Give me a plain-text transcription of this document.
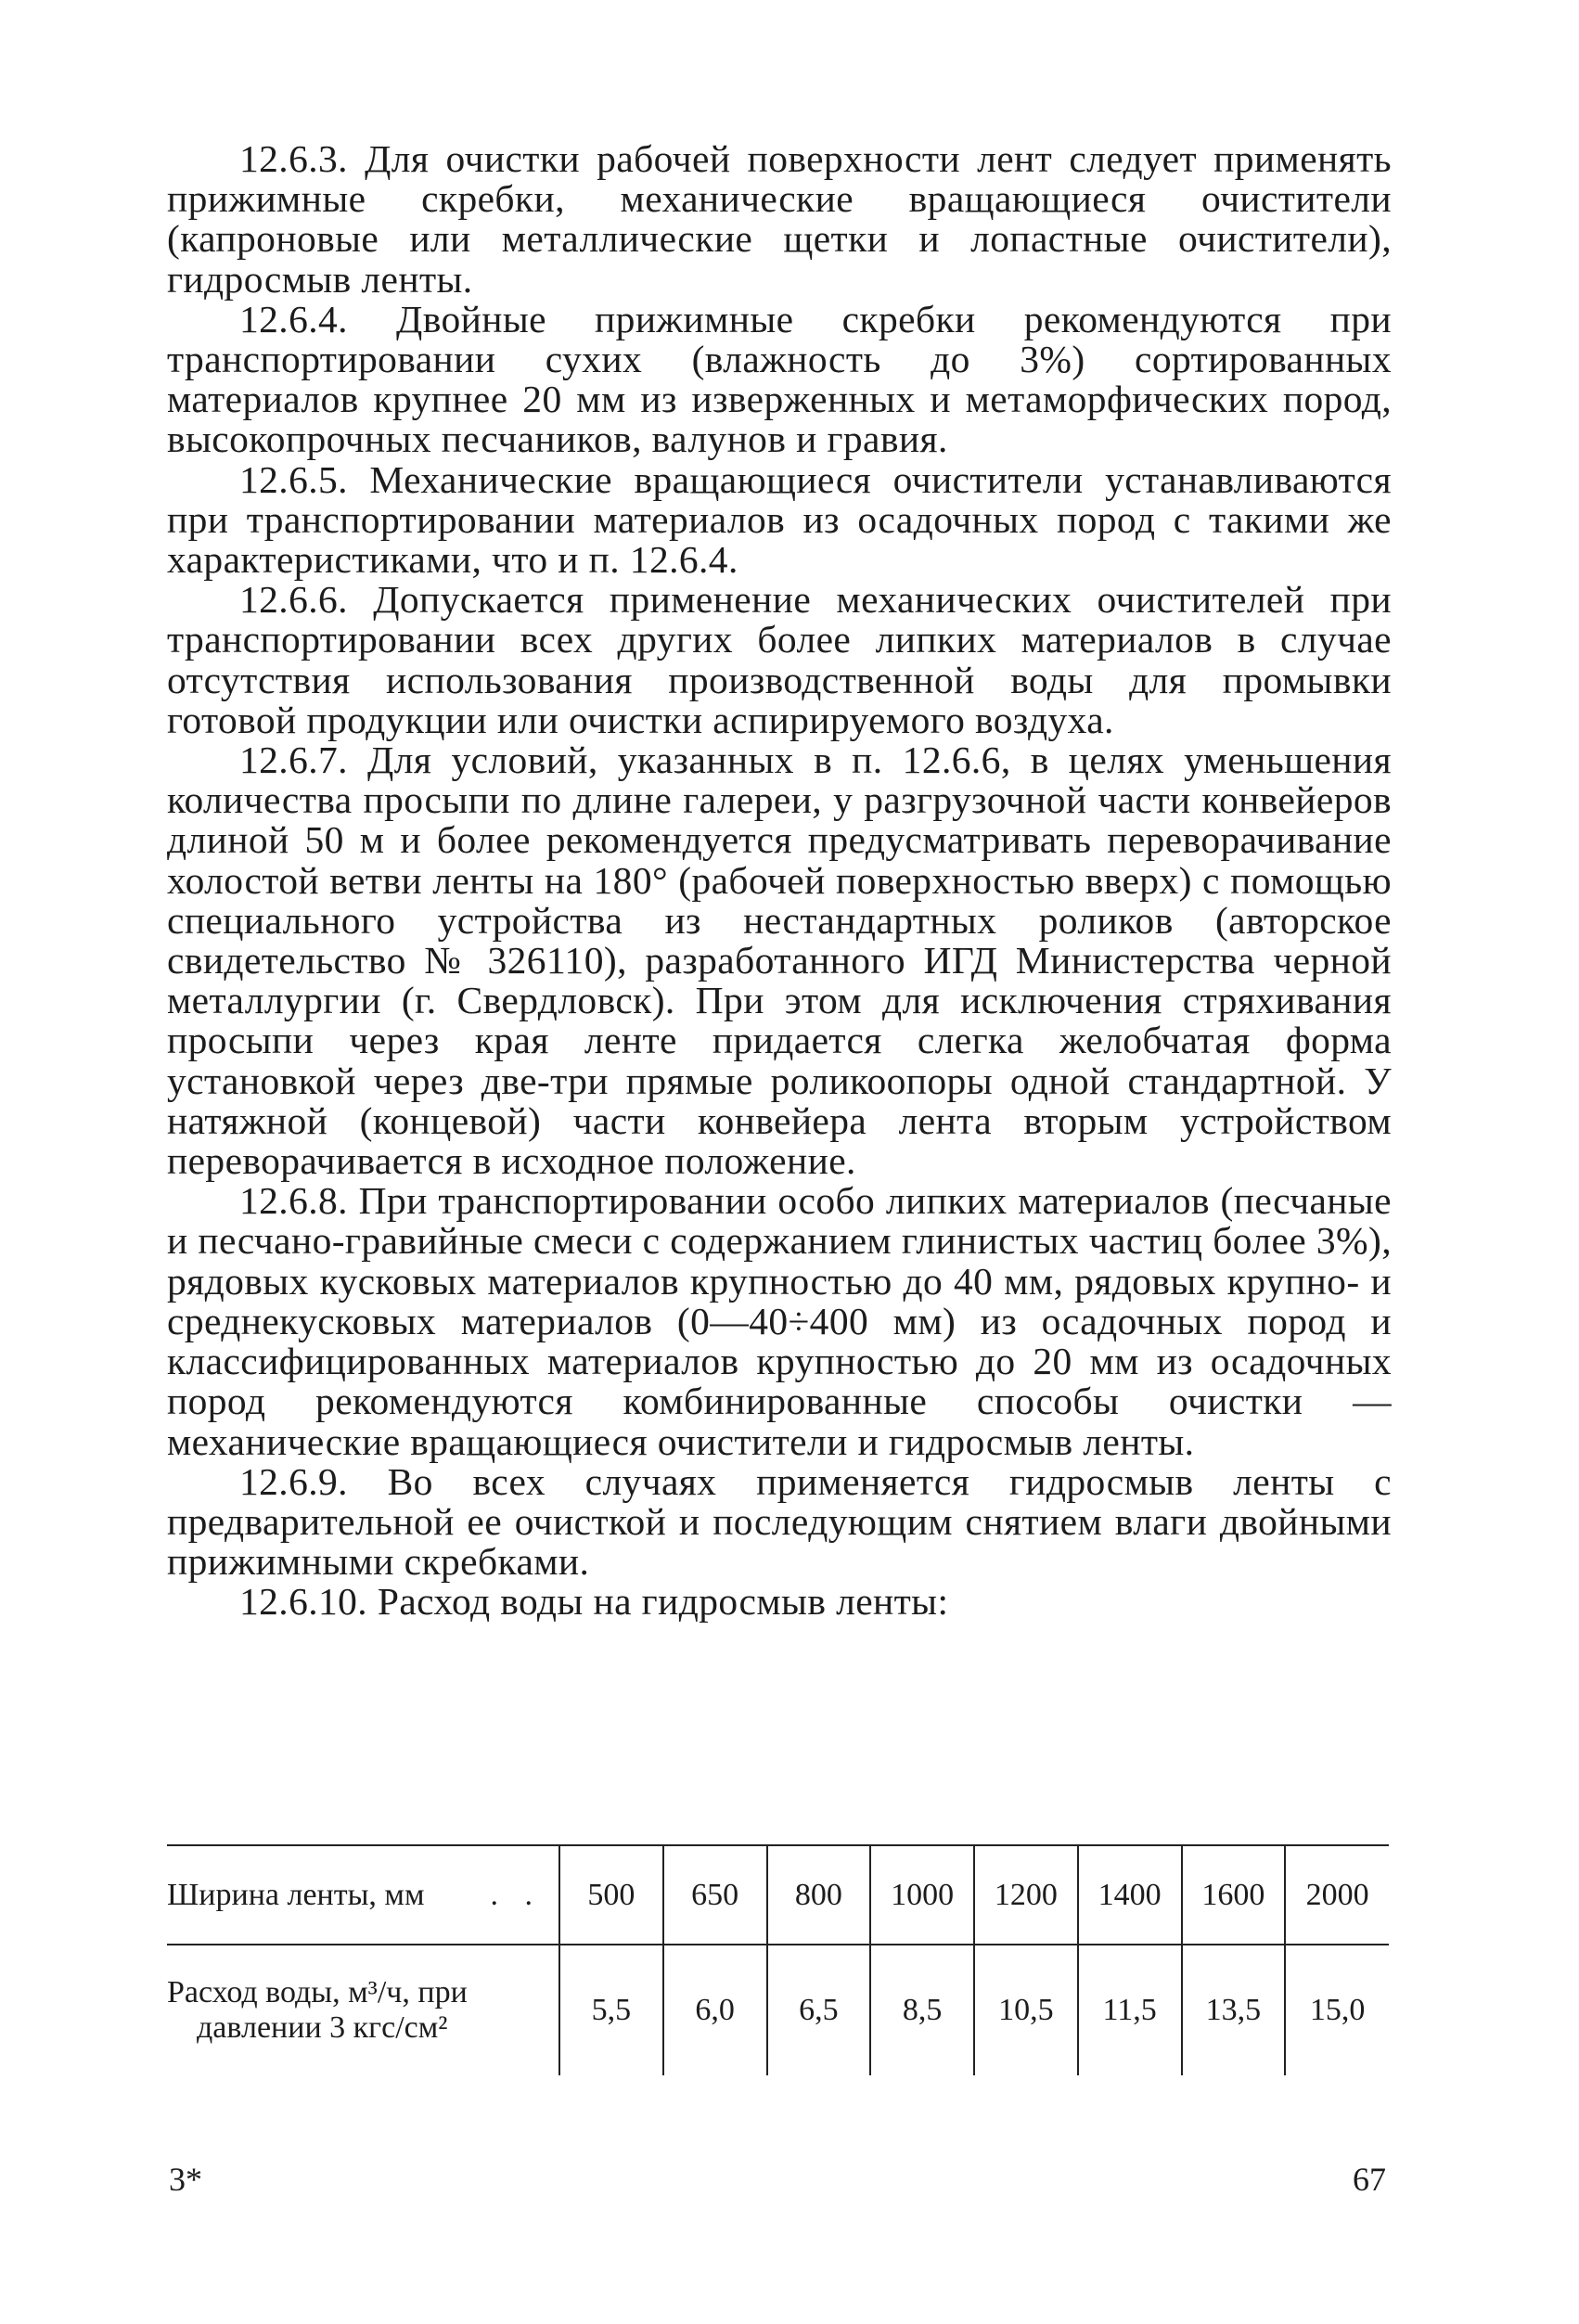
12.6.3. Для очистки рабочей поверхности лент следует применять прижимные скребки, механические вращающиеся очистители (капроновые или металлические щетки и лопастные очистители), гидросмыв ленты.

12.6.4. Двойные прижимные скребки рекомендуются при транспортировании сухих (влажность до 3%) сортированных материалов крупнее 20 мм из изверженных и метаморфических пород, высокопрочных песчаников, валунов и гравия.

12.6.5. Механические вращающиеся очистители устанавливаются при транспортировании материалов из осадочных пород с такими же характеристиками, что и п. 12.6.4.

12.6.6. Допускается применение механических очистителей при транспортировании всех других более липких материалов в случае отсутствия использования производственной воды для промывки готовой продукции или очистки аспирируемого воздуха.

12.6.7. Для условий, указанных в п. 12.6.6, в целях уменьшения количества просыпи по длине галереи, у разгрузочной части конвейеров длиной 50 м и более рекомендуется предусматривать переворачивание холостой ветви ленты на 180° (рабочей поверхностью вверх) с помощью специального устройства из нестандартных роликов (авторское свидетельство № 326110), разработанного ИГД Министерства черной металлургии (г. Свердловск). При этом для исключения стряхивания просыпи через края ленте придается слегка желобчатая форма установкой через две-три прямые роликоопоры одной стандартной. У натяжной (концевой) части конвейера лента вторым устройством переворачивается в исходное положение.

12.6.8. При транспортировании особо липких материалов (песчаные и песчано-гравийные смеси с содержанием глинистых частиц более 3%), рядовых кусковых материалов крупностью до 40 мм, рядовых крупно- и среднекусковых материалов (0—40÷400 мм) из осадочных пород и классифицированных материалов крупностью до 20 мм из осадочных пород рекомендуются комбинированные способы очистки — механические вращающиеся очистители и гидросмыв ленты.

12.6.9. Во всех случаях применяется гидросмыв ленты с предварительной ее очисткой и последующим снятием влаги двойными прижимными скребками.

12.6.10. Расход воды на гидросмыв ленты:

Ширина ленты, мм . .	500	650	800	1000	1200	1400	1600	2000
Расход воды, м³/ч, при
давлении 3 кгс/см²	5,5	6,0	6,5	8,5	10,5	11,5	13,5	15,0
3*	67
